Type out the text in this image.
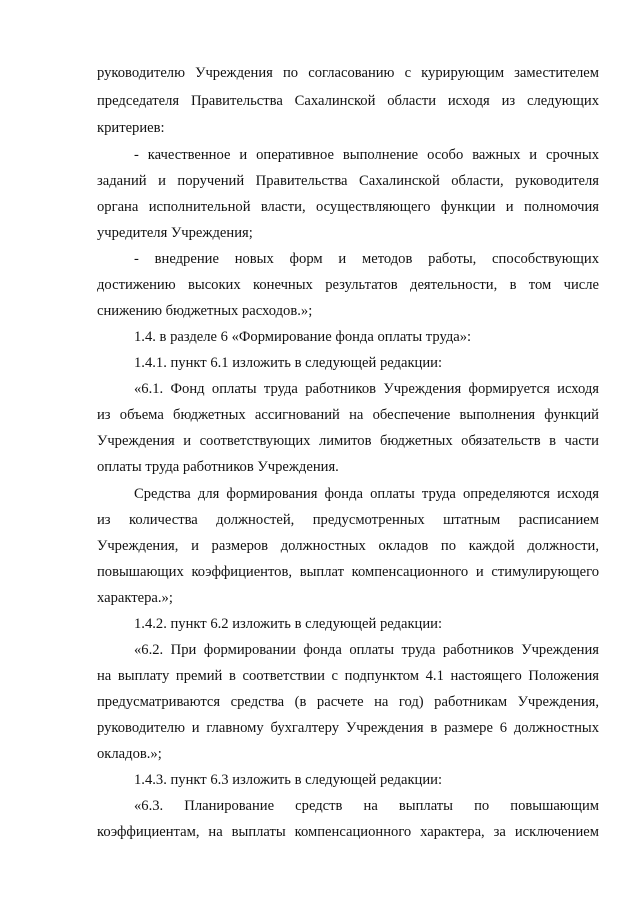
руководителю Учреждения по согласованию с курирующим заместителем
председателя Правительства Сахалинской области исходя из следующих
критериев:
- качественное и оперативное выполнение особо важных и срочных
заданий и поручений Правительства Сахалинской области, руководителя
органа исполнительной власти, осуществляющего функции и полномочия
учредителя Учреждения;
- внедрение новых форм и методов работы, способствующих
достижению высоких конечных результатов деятельности, в том числе
снижению бюджетных расходов.»;
1.4. в разделе 6 «Формирование фонда оплаты труда»:
1.4.1. пункт 6.1 изложить в следующей редакции:
«6.1. Фонд оплаты труда работников Учреждения формируется исходя
из объема бюджетных ассигнований на обеспечение выполнения функций
Учреждения и соответствующих лимитов бюджетных обязательств в части
оплаты труда работников Учреждения.
Средства для формирования фонда оплаты труда определяются исходя
из количества должностей, предусмотренных штатным расписанием
Учреждения, и размеров должностных окладов по каждой должности,
повышающих коэффициентов, выплат компенсационного и стимулирующего
характера.»;
1.4.2. пункт 6.2 изложить в следующей редакции:
«6.2. При формировании фонда оплаты труда работников Учреждения
на выплату премий в соответствии с подпунктом 4.1 настоящего Положения
предусматриваются средства (в расчете на год) работникам Учреждения,
руководителю и главному бухгалтеру Учреждения в размере 6 должностных
окладов.»;
1.4.3. пункт 6.3 изложить в следующей редакции:
«6.3. Планирование средств на выплаты по повышающим
коэффициентам, на выплаты компенсационного характера, за исключением
